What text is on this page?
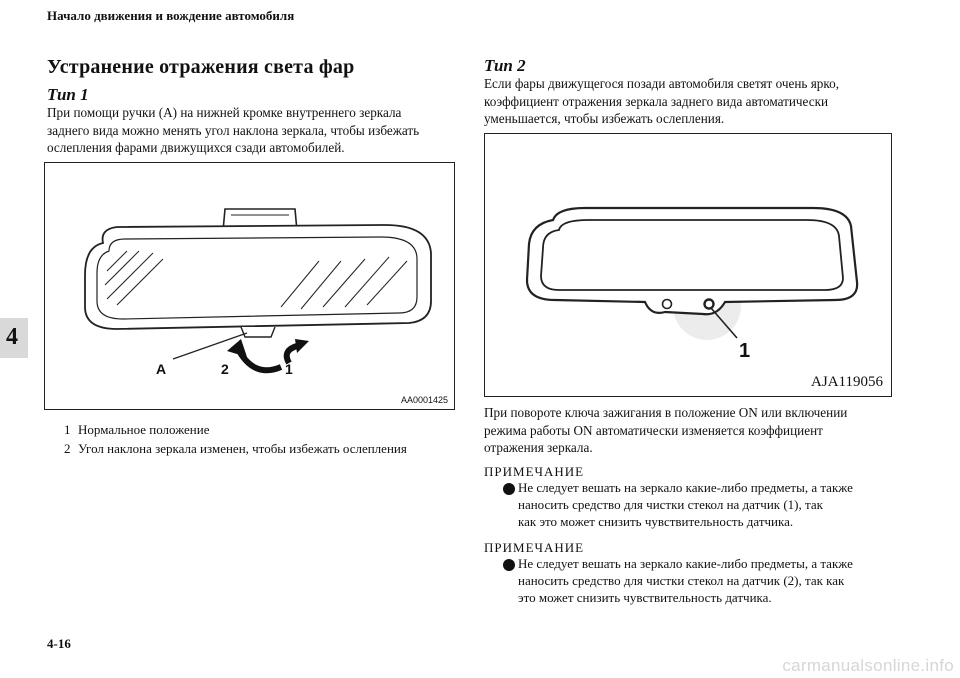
Начало движения и вождение автомобиля
Устранение отражения света фар
4
Тип 1
При помощи ручки (A) на нижней кромке внутреннего зеркала
заднего вида можно менять угол наклона зеркала, чтобы избежать
ослепления фарами движущихся сзади автомобилей.
A	2	1
AA0001425
1 Нормальное положение
2 Угол наклона зеркала изменен, чтобы избежать ослепления
Тип 2
Если фары движущегося позади автомобиля светят очень ярко,
коэффициент отражения зеркала заднего вида автоматически
уменьшается, чтобы избежать ослепления.
1
AJA119056
При повороте ключа зажигания в положение ON или включении
режима работы ON автоматически изменяется коэффициент
отражения зеркала.
ПРИМЕЧАНИЕ
Не следует вешать на зеркало какие-либо предметы, а также
наносить средство для чистки стекол на датчик (1), так
как это может снизить чувствительность датчика.
ПРИМЕЧАНИЕ
Не следует вешать на зеркало какие-либо предметы, а также
наносить средство для чистки стекол на датчик (2), так как
это может снизить чувствительность датчика.
4-16
carmanualsonline.info
